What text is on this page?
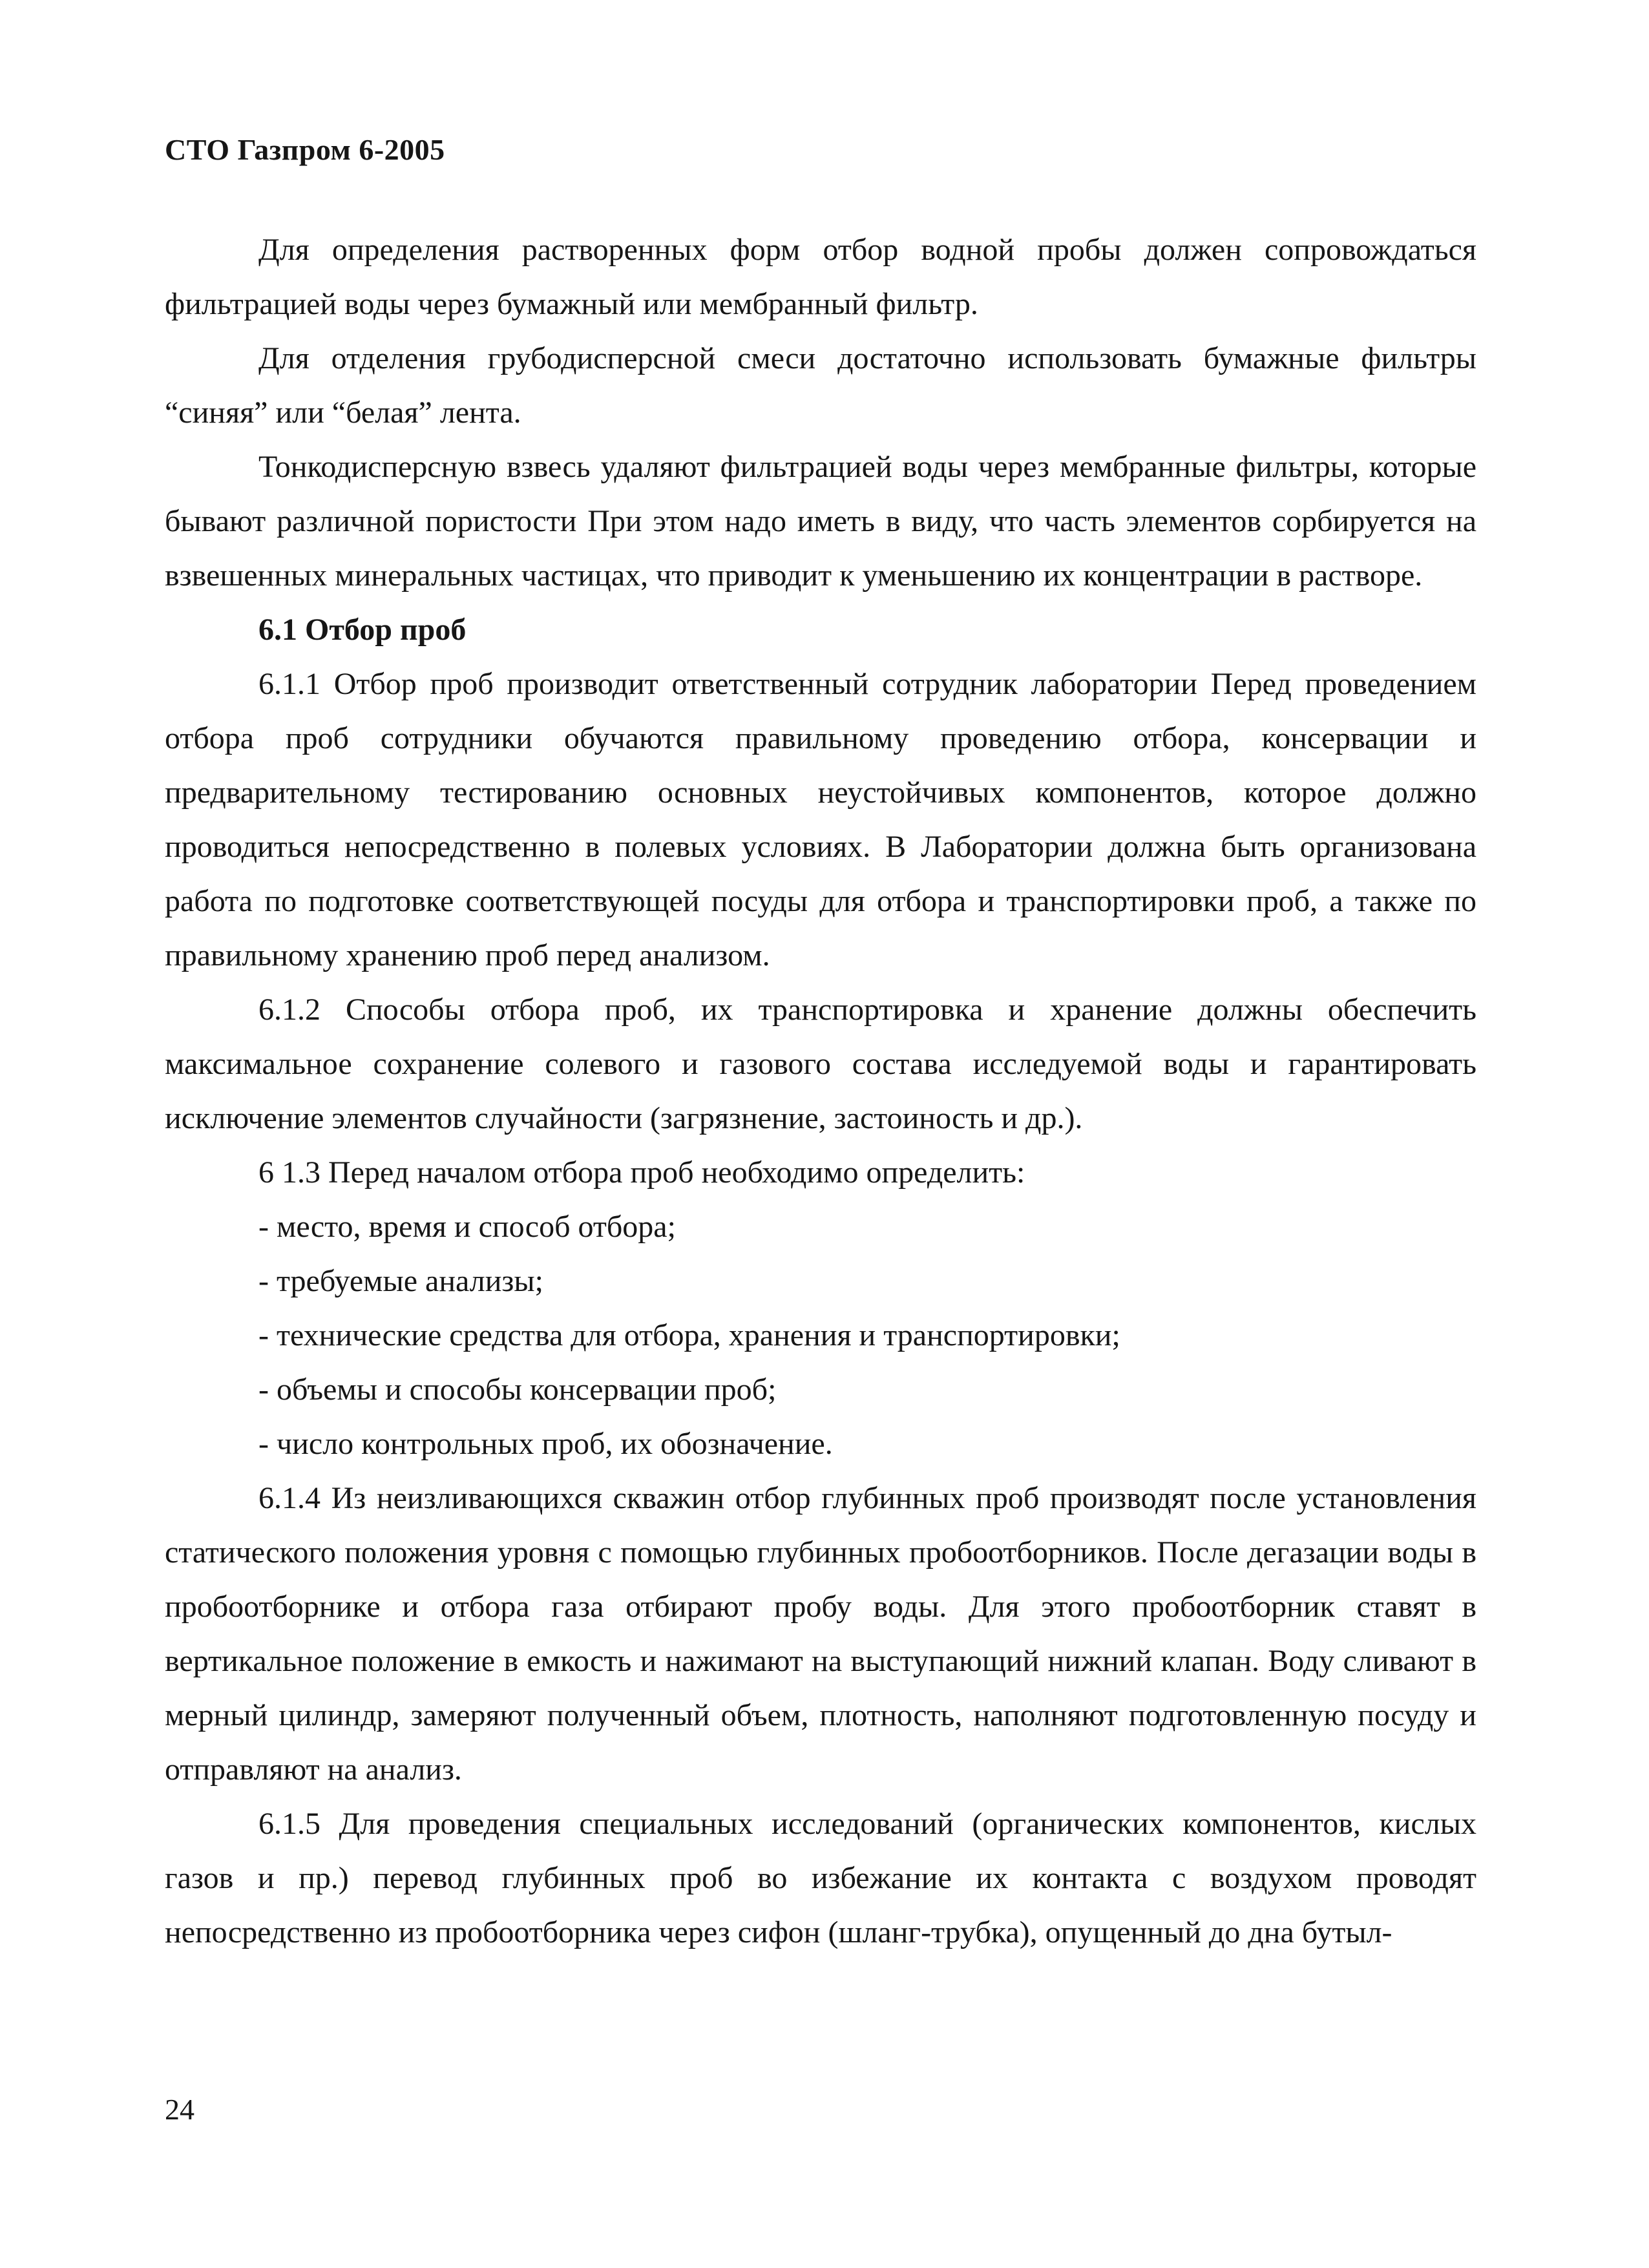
СТО Газпром 6-2005

Для определения растворенных форм отбор водной пробы должен сопровождаться фильтрацией воды через бумажный или мембранный фильтр.

Для отделения грубодисперсной смеси достаточно использовать бумажные фильтры “синяя” или “белая” лента.

Тонкодисперсную взвесь удаляют фильтрацией воды через мембранные фильтры, которые бывают различной пористости При этом надо иметь в виду, что часть элементов сорбируется на взвешенных минеральных частицах, что приводит к уменьшению их концентрации в растворе.

6.1 Отбор проб

6.1.1 Отбор проб производит ответственный сотрудник лаборатории Перед проведением отбора проб сотрудники обучаются правильному проведению отбора, консервации и предварительному тестированию основных неустойчивых компонентов, которое должно проводиться непосредственно в полевых условиях. В Лаборатории должна быть организована работа по подготовке соответствующей посуды для отбора и транспортировки проб, а также по правильному хранению проб перед анализом.

6.1.2 Способы отбора проб, их транспортировка и хранение должны обеспечить максимальное сохранение солевого и газового состава исследуемой воды и гарантировать исключение элементов случайности (загрязнение, застоиность и др.).

6 1.3 Перед началом отбора проб необходимо определить:

- место, время и способ отбора;

- требуемые анализы;

- технические средства для отбора, хранения и транспортировки;

- объемы и способы консервации проб;

- число контрольных проб, их обозначение.

6.1.4 Из неизливающихся скважин отбор глубинных проб производят после установления статического положения уровня с помощью глубинных пробоотборников. После дегазации воды в пробоотборнике и отбора газа отбирают пробу воды. Для этого пробоотборник ставят в вертикальное положение в емкость и нажимают на выступающий нижний клапан. Воду сливают в мерный цилиндр, замеряют полученный объем, плотность, наполняют подготовленную посуду и отправляют на анализ.

6.1.5 Для проведения специальных исследований (органических компонентов, кислых газов и пр.) перевод глубинных проб во избежание их контакта с воздухом проводят непосредственно из пробоотборника через сифон (шланг-трубка), опущенный до дна бутыл-

24
